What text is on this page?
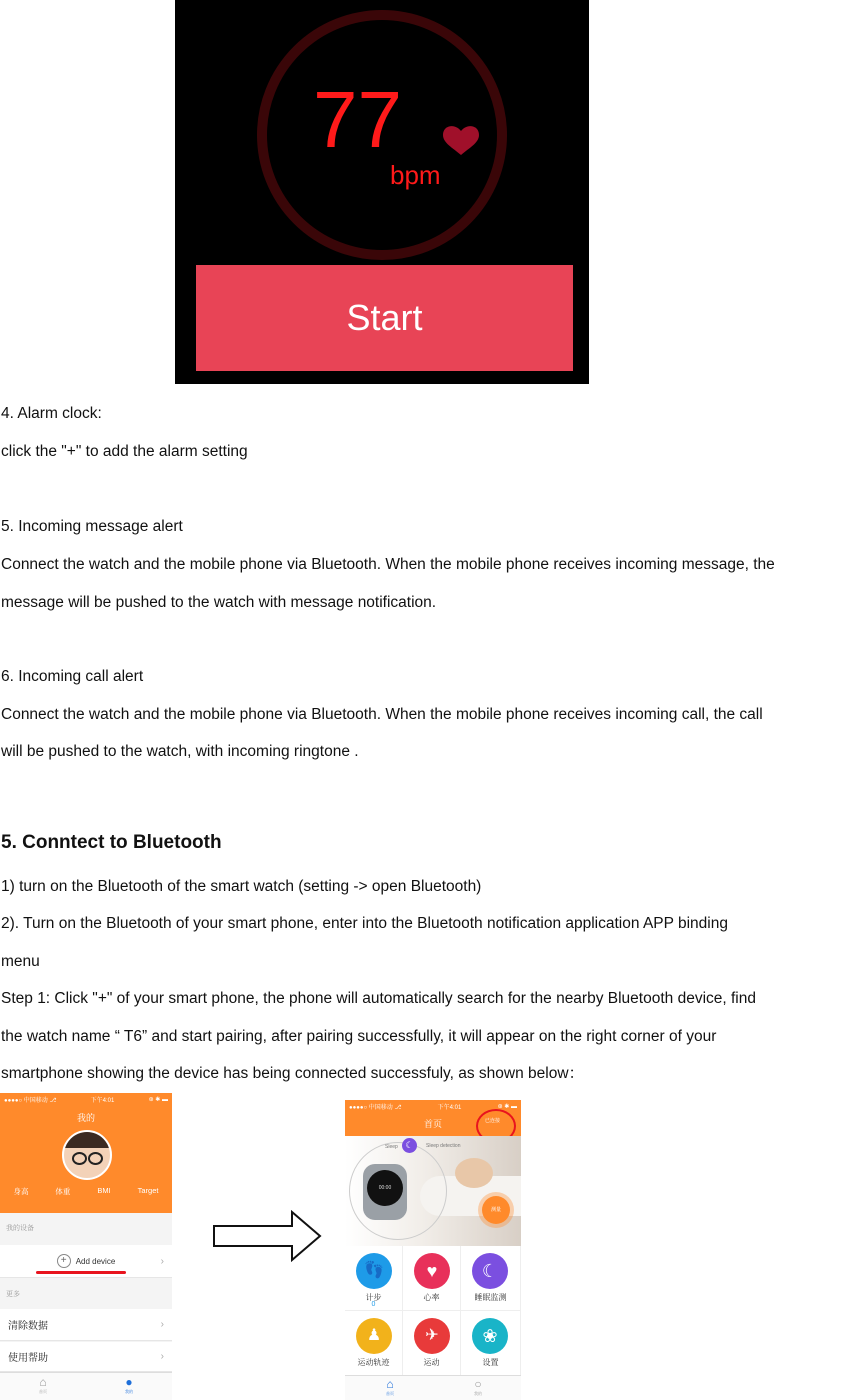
77
bpm
Start
4. Alarm clock:
click the "+" to add the alarm setting
5. Incoming message alert
Connect the watch and the mobile phone via Bluetooth. When the mobile phone receives incoming message, the
message will be pushed to the watch with message notification.
6. Incoming call alert
Connect the watch and the mobile phone via Bluetooth. When the mobile phone receives incoming call, the call
will be pushed to the watch, with incoming ringtone .
5. Conntect to Bluetooth
1) turn on the Bluetooth of the smart watch (setting -> open Bluetooth)
2). Turn on the Bluetooth of your smart phone, enter into the Bluetooth notification application APP binding
menu
Step 1: Click "+" of your smart phone, the phone will automatically search for the nearby Bluetooth device, find
the watch name “ T6” and start pairing, after pairing successfully, it will appear on the right corner of your
smartphone showing the device has being connected successfuly, as shown below：
●●●●○ 中国移动 ⎇	下午4:01	⊛ ✱ ▬
我的
身高	体重	BMI	Target
我的设备
+	Add device	›
更多
清除数据	›
使用帮助	›
⌂
首页
●
我的
●●●●○ 中国移动 ⎇	下午4:01	⊛ ✱ ▬
首页	已连接
☾
Sleep	Sleep detection
00:00
测量
👣
计步
0
♥
心率
☾
睡眠监测
♟
运动轨迹
✈
运动
❀
设置
⌂
首页
○
我的
